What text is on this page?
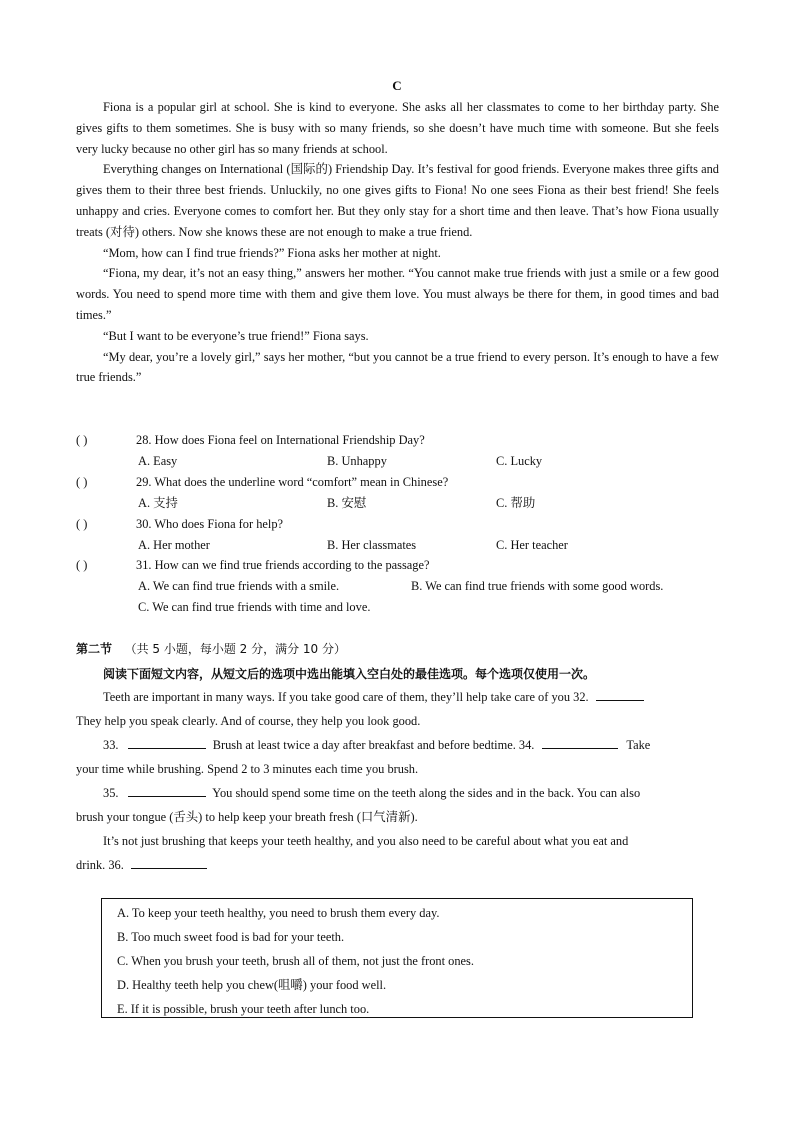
C

Fiona is a popular girl at school. She is kind to everyone. She asks all her classmates to come to her birthday party. She gives gifts to them sometimes. She is busy with so many friends, so she doesn’t have much time with someone. But she feels very lucky because no other girl has so many friends at school.

Everything changes on International (国际的) Friendship Day. It’s festival for good friends. Everyone makes three gifts and gives them to their three best friends. Unluckily, no one gives gifts to Fiona! No one sees Fiona as their best friend! She feels unhappy and cries. Everyone comes to comfort her. But they only stay for a short time and then leave. That’s how Fiona usually treats (对待) others. Now she knows these are not enough to make a true friend.

“Mom, how can I find true friends?” Fiona asks her mother at night.

“Fiona, my dear, it’s not an easy thing,” answers her mother. “You cannot make true friends with just a smile or a few good words. You need to spend more time with them and give them love. You must always be there for them, in good times and bad times.”

“But I want to be everyone’s true friend!” Fiona says.

“My dear, you’re a lovely girl,” says her mother, “but you cannot be a true friend to every person. It’s enough to have a few true friends.”

( )	28. How does Fiona feel on International Friendship Day?
A. Easy	B. Unhappy	C. Lucky
( )	29. What does the underline word “comfort” mean in Chinese?
A. 支持	B. 安慰	C. 帮助
( )	30. Who does Fiona for help?
A. Her mother	B. Her classmates	C. Her teacher
( )	31. How can we find true friends according to the passage?
A. We can find true friends with a smile.	B. We can find true friends with some good words.
C. We can find true friends with time and love.
第二节 （共 5 小题，每小题 2 分，满分 10 分）
阅读下面短文内容，从短文后的选项中选出能填入空白处的最佳选项。每个选项仅使用一次。
Teeth are important in many ways. If you take good care of them, they’ll help take care of you 32.
They help you speak clearly. And of course, they help you look good.
33.	Brush at least twice a day after breakfast and before bedtime. 34.	Take
your time while brushing. Spend 2 to 3 minutes each time you brush.
35.	You should spend some time on the teeth along the sides and in the back. You can also
brush your tongue (舌头) to help keep your breath fresh (口气清新).
It’s not just brushing that keeps your teeth healthy, and you also need to be careful about what you eat and
drink. 36.
A. To keep your teeth healthy, you need to brush them every day.
B. Too much sweet food is bad for your teeth.
C. When you brush your teeth, brush all of them, not just the front ones.
D. Healthy teeth help you chew(咀嚼) your food well.
E. If it is possible, brush your teeth after lunch too.
